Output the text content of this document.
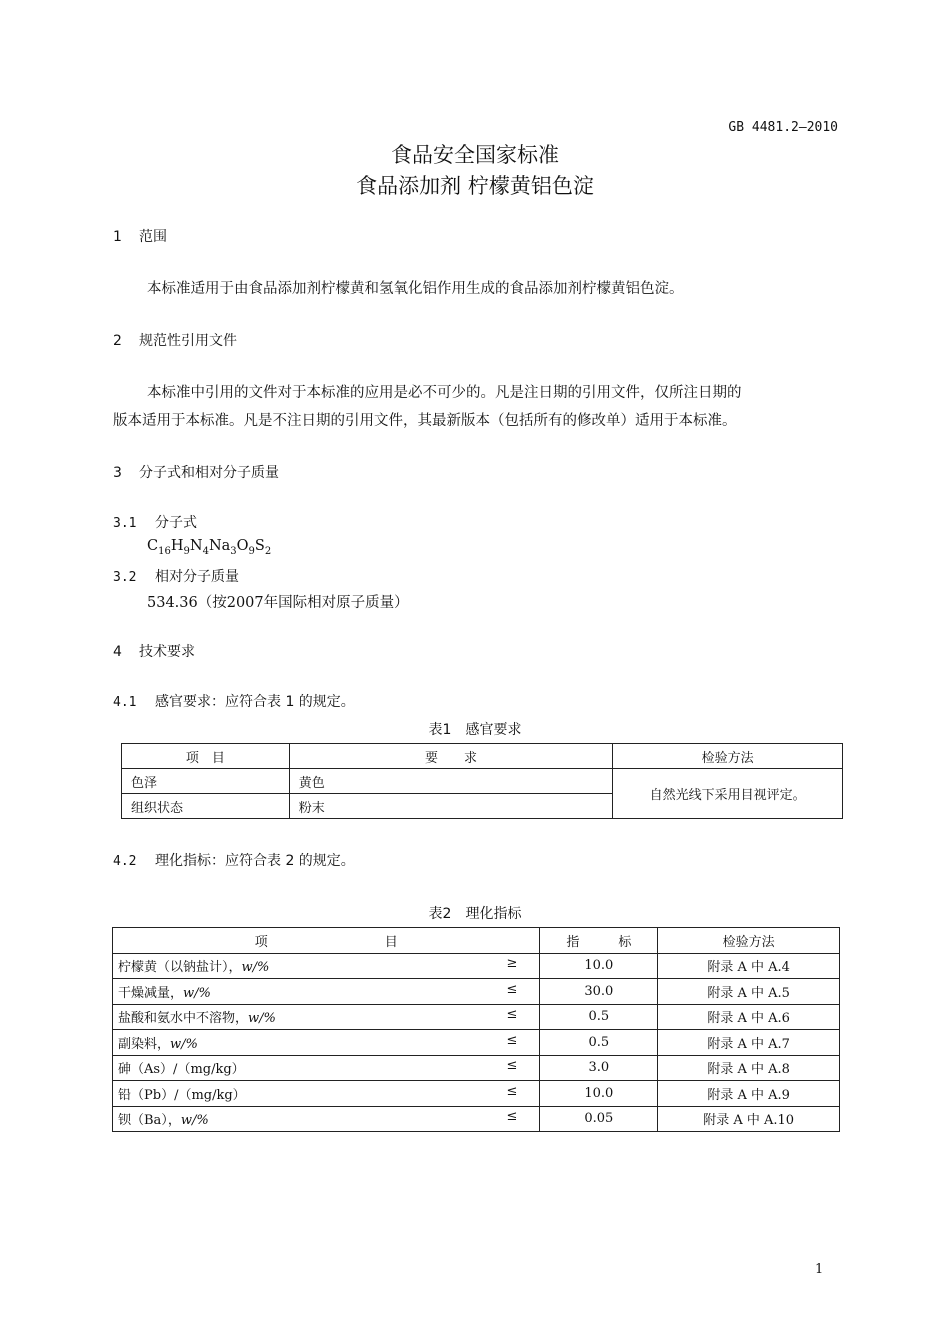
GB 4481.2—2010
食品安全国家标准
食品添加剂 柠檬黄铝色淀
1 范围
本标准适用于由食品添加剂柠檬黄和氢氧化铝作用生成的食品添加剂柠檬黄铝色淀。
2 规范性引用文件
本标准中引用的文件对于本标准的应用是必不可少的。凡是注日期的引用文件，仅所注日期的
版本适用于本标准。凡是不注日期的引用文件，其最新版本（包括所有的修改单）适用于本标准。
3 分子式和相对分子质量
3.1 分子式
$C_{16}H_9N_4Na_3O_9S_2$
3.2 相对分子质量
534.36（按2007年国际相对原子质量）
4 技术要求
4.1 感官要求：应符合表 1 的规定。
表1　感官要求
项　目	要　　求	检验方法
色泽	黄色	自然光线下采用目视评定。
组织状态	粉末	
4.2 理化指标：应符合表 2 的规定。
表2　理化指标
项　　　　　　　　　目	指　　　标	检验方法
柠檬黄（以钠盐计），w/% ≥	10.0	附录 A 中 A.4
干燥减量，w/% ≤	30.0	附录 A 中 A.5
盐酸和氨水中不溶物，w/% ≤	0.5	附录 A 中 A.6
副染料，w/% ≤	0.5	附录 A 中 A.7
砷（As）/（mg/kg） ≤	3.0	附录 A 中 A.8
铅（Pb）/（mg/kg） ≤	10.0	附录 A 中 A.9
钡（Ba），w/% ≤	0.05	附录 A 中 A.10
1
